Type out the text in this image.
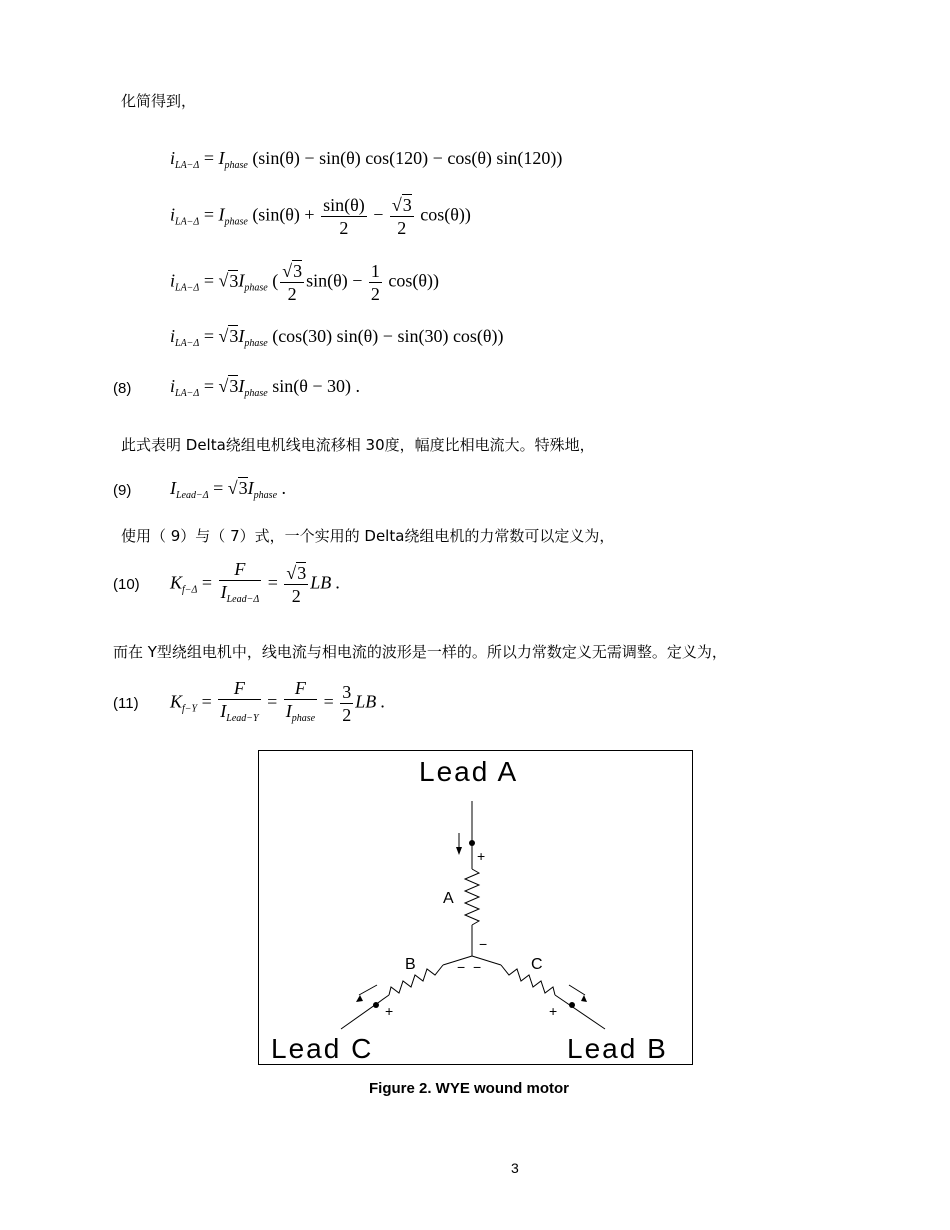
化简得到，
$i_{LA-\Delta} = I_{phase}$ (sin(θ) − sin(θ) cos(120) − cos(θ) sin(120))
$i_{LA-\Delta} = I_{phase}$ $(\sin(\theta) + \frac{\sin(\theta)}{2} - \frac{√3}{2} \cos(\theta))$
$i_{LA-\Delta} = √3I_{phase}$ ( $\frac{√3}{2} \sin(\theta) - \frac{1}{2} \cos(\theta)$)
$i_{LA-\Delta} = √3I_{phase}$ (cos(30) sin(θ) − sin(30) cos(θ))
(8) $i_{LA-\Delta} = √3I_{phase}$ sin(θ − 30) .
此式表明 Delta绕组电机线电流移相 30度，幅度比相电流大。特殊地，
(9) $I_{Lead-\Delta} = √3I_{phase}$ .
使用（ 9）与（ 7）式，一个实用的 Delta绕组电机的力常数可以定义为，
(10) $K_{f-\Delta} = \frac{F}{I_{Lead-\Delta}} = \frac{√3}{2}$ LB .
而在 Y型绕组电机中，线电流与相电流的波形是一样的。所以力常数定义无需调整。定义为，
(11) $K_{f-Y} = \frac{F}{I_{Lead-Y}} = \frac{F}{I_{phase}} = \frac{3}{2}$ LB .
Lead A
Lead B
Lead C
A
B	C
+
−
− −
+	+
Figure 2. WYE wound motor
3
